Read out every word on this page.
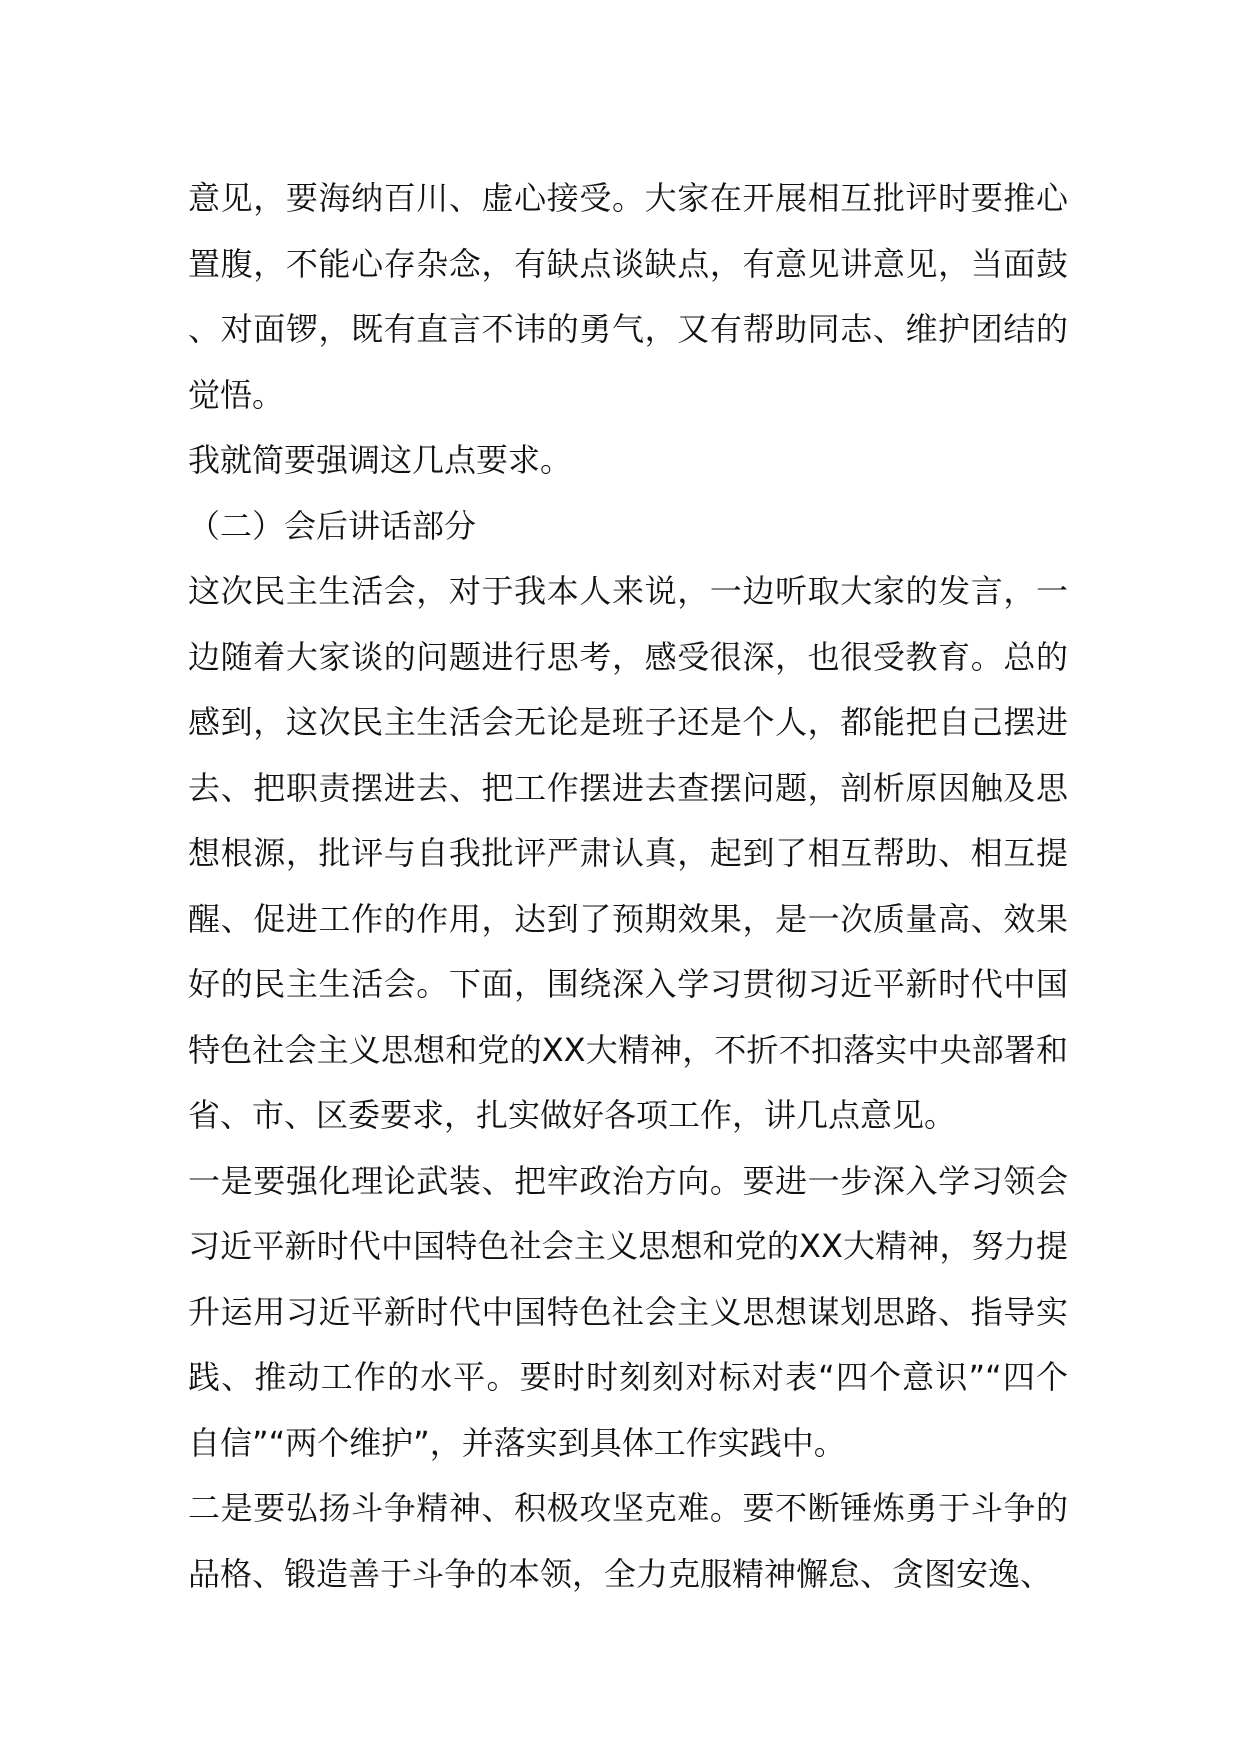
意见，要海纳百川、虚心接受。大家在开展相互批评时要推心置腹，不能心存杂念，有缺点谈缺点，有意见讲意见，当面鼓、对面锣，既有直言不讳的勇气，又有帮助同志、维护团结的觉悟。

我就简要强调这几点要求。

（二）会后讲话部分

这次民主生活会，对于我本人来说，一边听取大家的发言，一边随着大家谈的问题进行思考，感受很深，也很受教育。总的感到，这次民主生活会无论是班子还是个人，都能把自己摆进去、把职责摆进去、把工作摆进去查摆问题，剖析原因触及思想根源，批评与自我批评严肃认真，起到了相互帮助、相互提醒、促进工作的作用，达到了预期效果，是一次质量高、效果好的民主生活会。下面，围绕深入学习贯彻习近平新时代中国特色社会主义思想和党的XX大精神，不折不扣落实中央部署和省、市、区委要求，扎实做好各项工作，讲几点意见。

一是要强化理论武装、把牢政治方向。要进一步深入学习领会习近平新时代中国特色社会主义思想和党的XX大精神，努力提升运用习近平新时代中国特色社会主义思想谋划思路、指导实践、推动工作的水平。要时时刻刻对标对表“四个意识”“四个自信”“两个维护”，并落实到具体工作实践中。

二是要弘扬斗争精神、积极攻坚克难。要不断锤炼勇于斗争的品格、锻造善于斗争的本领，全力克服精神懈怠、贪图安逸、
